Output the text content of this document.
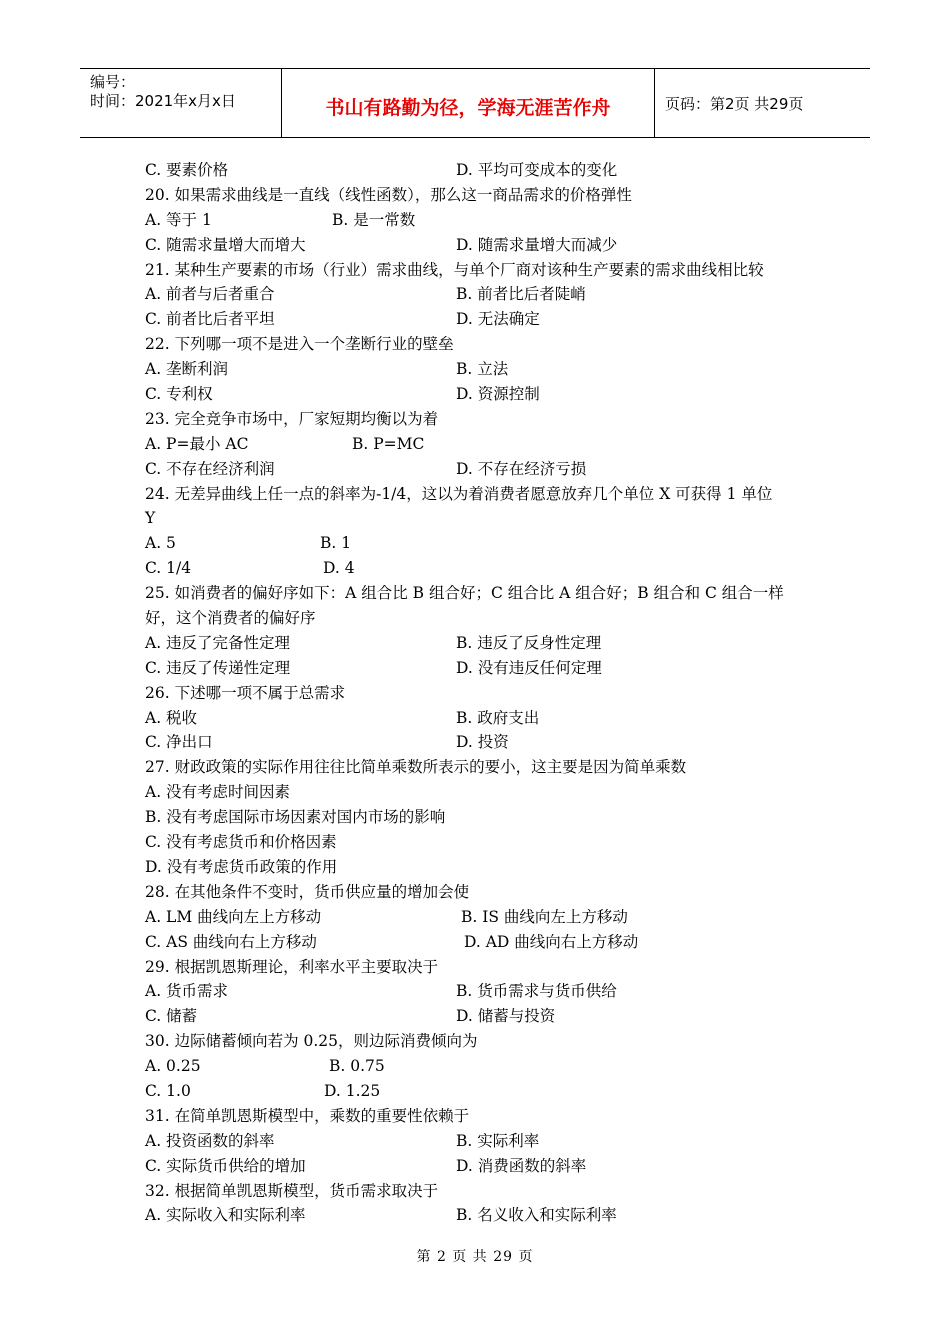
编号：
时间：2021年x月x日	书山有路勤为径，学海无涯苦作舟	页码：第2页 共29页
C. 要素价格	D. 平均可变成本的变化
20. 如果需求曲线是一直线（线性函数），那么这一商品需求的价格弹性
A. 等于 1	B. 是一常数
C. 随需求量增大而增大	D. 随需求量增大而减少
21. 某种生产要素的市场（行业）需求曲线，与单个厂商对该种生产要素的需求曲线相比较
A. 前者与后者重合	B. 前者比后者陡峭
C. 前者比后者平坦	D. 无法确定
22. 下列哪一项不是进入一个垄断行业的壁垒
A. 垄断利润	B. 立法
C. 专利权	D. 资源控制
23. 完全竞争市场中，厂家短期均衡以为着
A. P=最小 AC	B. P=MC
C. 不存在经济利润	D. 不存在经济亏损
24. 无差异曲线上任一点的斜率为-1/4，这以为着消费者愿意放弃几个单位 X 可获得 1 单位
Y
A. 5	B. 1
C. 1/4	D. 4
25. 如消费者的偏好序如下：A 组合比 B 组合好；C 组合比 A 组合好；B 组合和 C 组合一样
好，这个消费者的偏好序
A. 违反了完备性定理	B. 违反了反身性定理
C. 违反了传递性定理	D. 没有违反任何定理
26. 下述哪一项不属于总需求
A. 税收	B. 政府支出
C. 净出口	D. 投资
27. 财政政策的实际作用往往比简单乘数所表示的要小，这主要是因为简单乘数
A. 没有考虑时间因素
B. 没有考虑国际市场因素对国内市场的影响
C. 没有考虑货币和价格因素
D. 没有考虑货币政策的作用
28. 在其他条件不变时，货币供应量的增加会使
A. LM 曲线向左上方移动	B. IS 曲线向左上方移动
C. AS 曲线向右上方移动	D. AD 曲线向右上方移动
29. 根据凯恩斯理论，利率水平主要取决于
A. 货币需求	B. 货币需求与货币供给
C. 储蓄	D. 储蓄与投资
30. 边际储蓄倾向若为 0.25，则边际消费倾向为
A. 0.25	B. 0.75
C. 1.0	D. 1.25
31. 在简单凯恩斯模型中，乘数的重要性依赖于
A. 投资函数的斜率	B. 实际利率
C. 实际货币供给的增加	D. 消费函数的斜率
32. 根据简单凯恩斯模型，货币需求取决于
A. 实际收入和实际利率	B. 名义收入和实际利率
第 2 页 共 29 页
